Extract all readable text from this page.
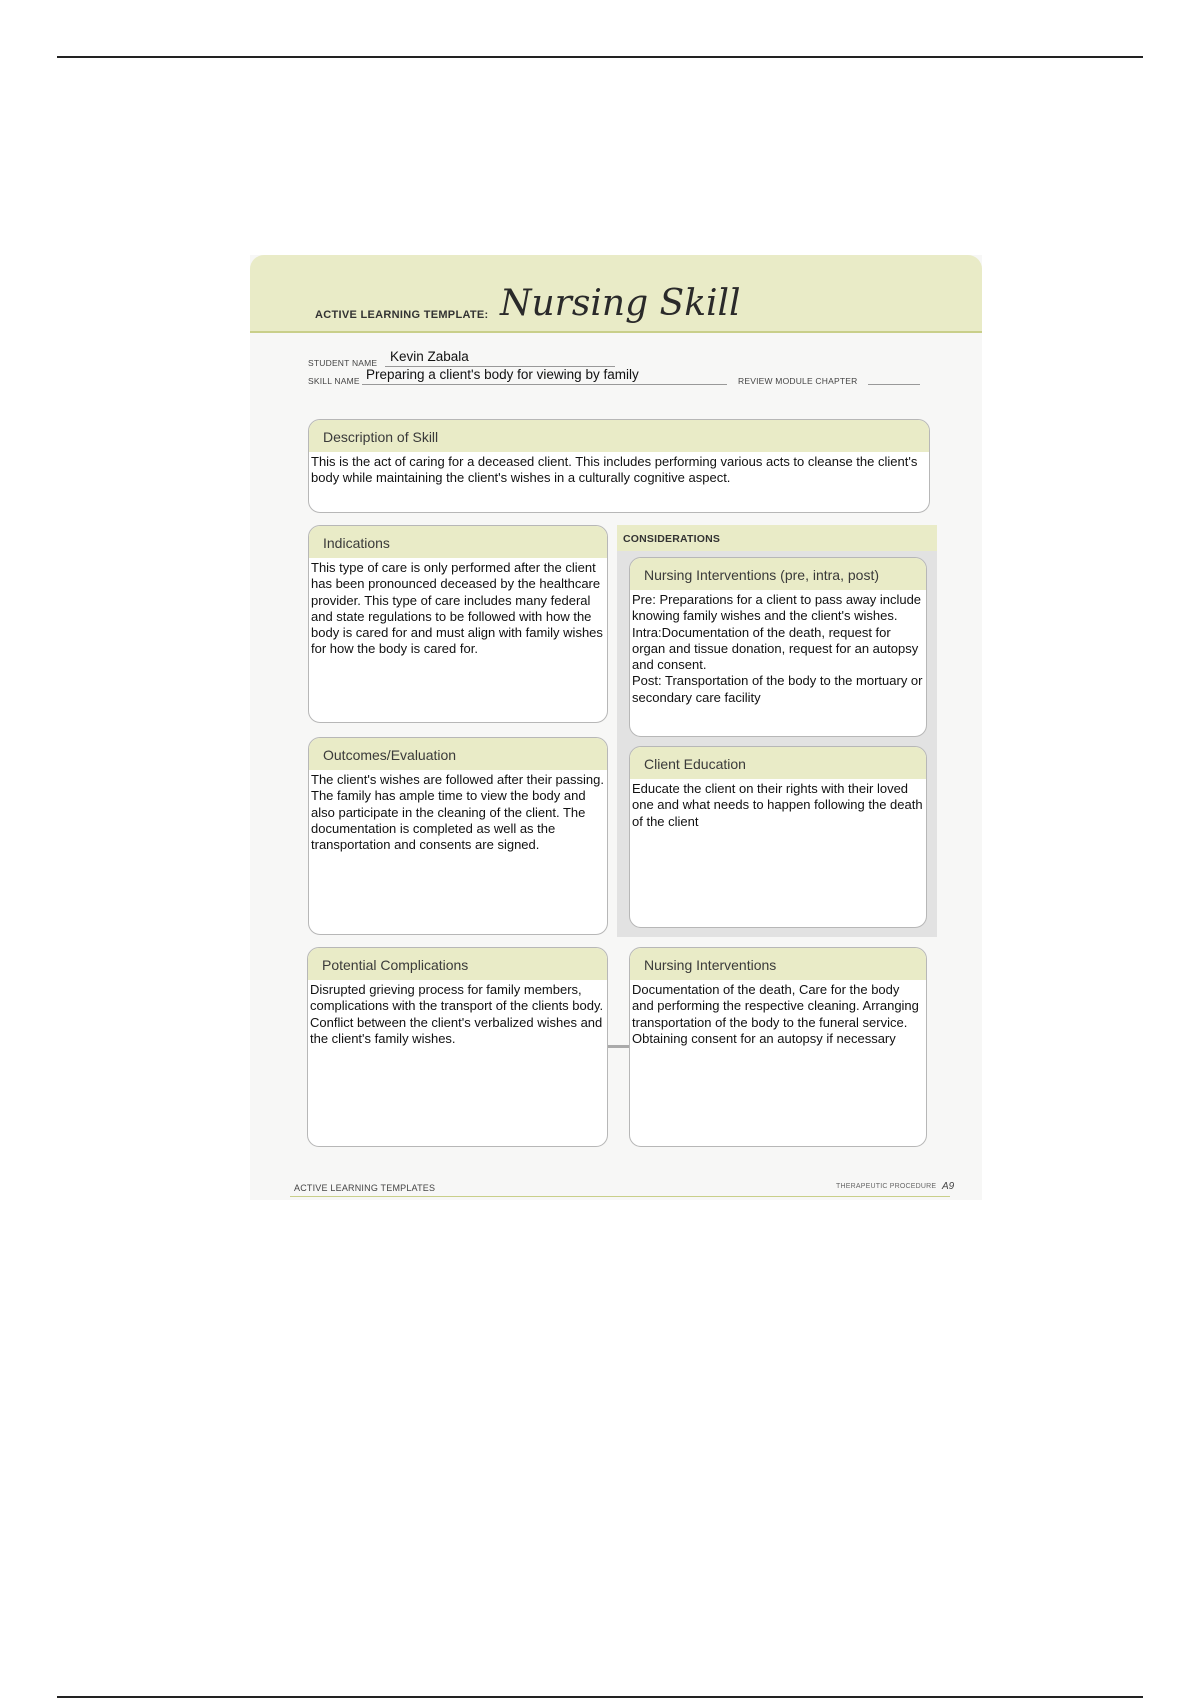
ACTIVE LEARNING TEMPLATE: Nursing Skill
STUDENT NAME Kevin Zabala
SKILL NAME Preparing a client's body for viewing by family	REVIEW MODULE CHAPTER
Description of Skill
This is the act of caring for a deceased client. This includes performing various acts to cleanse the client's body while maintaining the client's wishes in a culturally cognitive aspect.
Indications
This type of care is only performed after the client has been pronounced deceased by the healthcare provider. This type of care includes many federal and state regulations to be followed with how the body is cared for and must align with family wishes for how the body is cared for.
CONSIDERATIONS
Nursing Interventions (pre, intra, post)
Pre: Preparations for a client to pass away include knowing family wishes and the client's wishes.
Intra:Documentation of the death, request for organ and tissue donation, request for an autopsy and consent.
Post: Transportation of the body to the mortuary or secondary care facility
Outcomes/Evaluation
The client's wishes are followed after their passing. The family has ample time to view the body and also participate in the cleaning of the client. The documentation is completed as well as the transportation and consents are signed.
Client Education
Educate the client on their rights with their loved one and what needs to happen following the death of the client
Potential Complications
Disrupted grieving process for family members, complications with the transport of the clients body. Conflict between the client's verbalized wishes and the client's family wishes.
Nursing Interventions
Documentation of the death, Care for the body and performing the respective cleaning. Arranging transportation of the body to the funeral service. Obtaining consent for an autopsy if necessary
ACTIVE LEARNING TEMPLATES	THERAPEUTIC PROCEDURE A9
